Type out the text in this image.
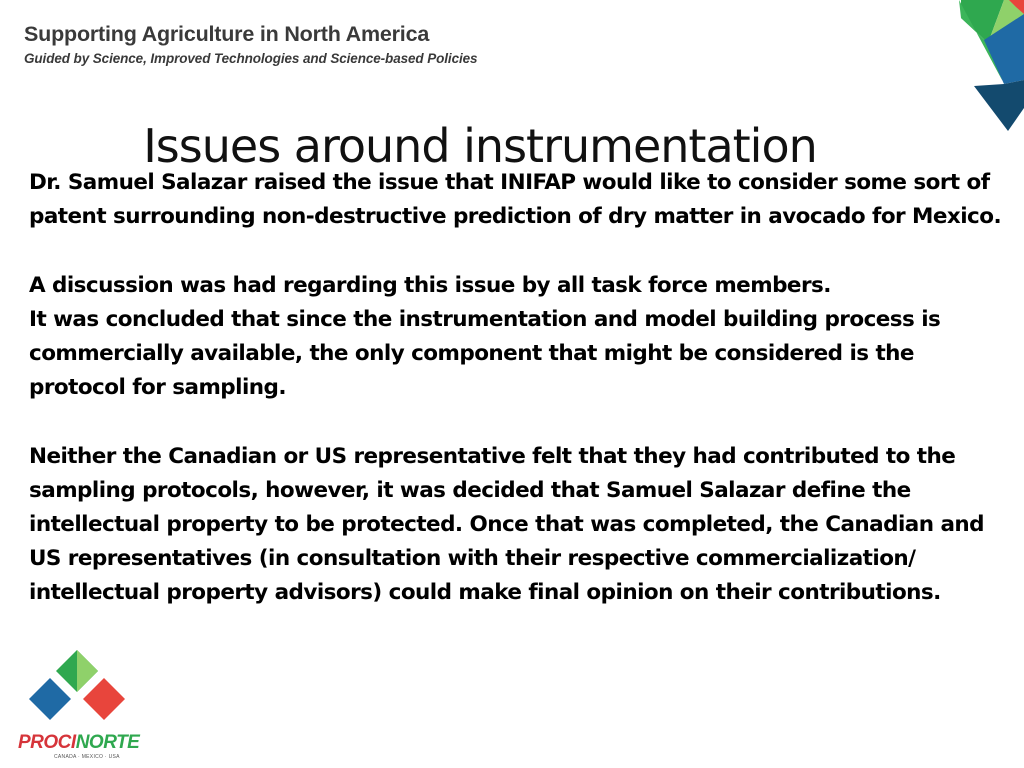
Supporting Agriculture in North America
Guided by Science, Improved Technologies and Science-based Policies
Issues around instrumentation

Dr. Samuel Salazar raised the issue that INIFAP would like to consider some sort of patent surrounding non-destructive prediction of dry matter in avocado for Mexico.

A discussion was had regarding this issue by all task force members.

It was concluded that since the instrumentation and model building process is commercially available, the only component that might be considered is the protocol for sampling.

Neither the Canadian or US representative felt that they had contributed to the sampling protocols, however, it was decided that Samuel Salazar define the intellectual property to be protected. Once that was completed, the Canadian and US representatives (in consultation with their respective commercialization/ intellectual property advisors) could make final opinion on their contributions.

PROCINORTE
CANADA · MEXICO · USA
